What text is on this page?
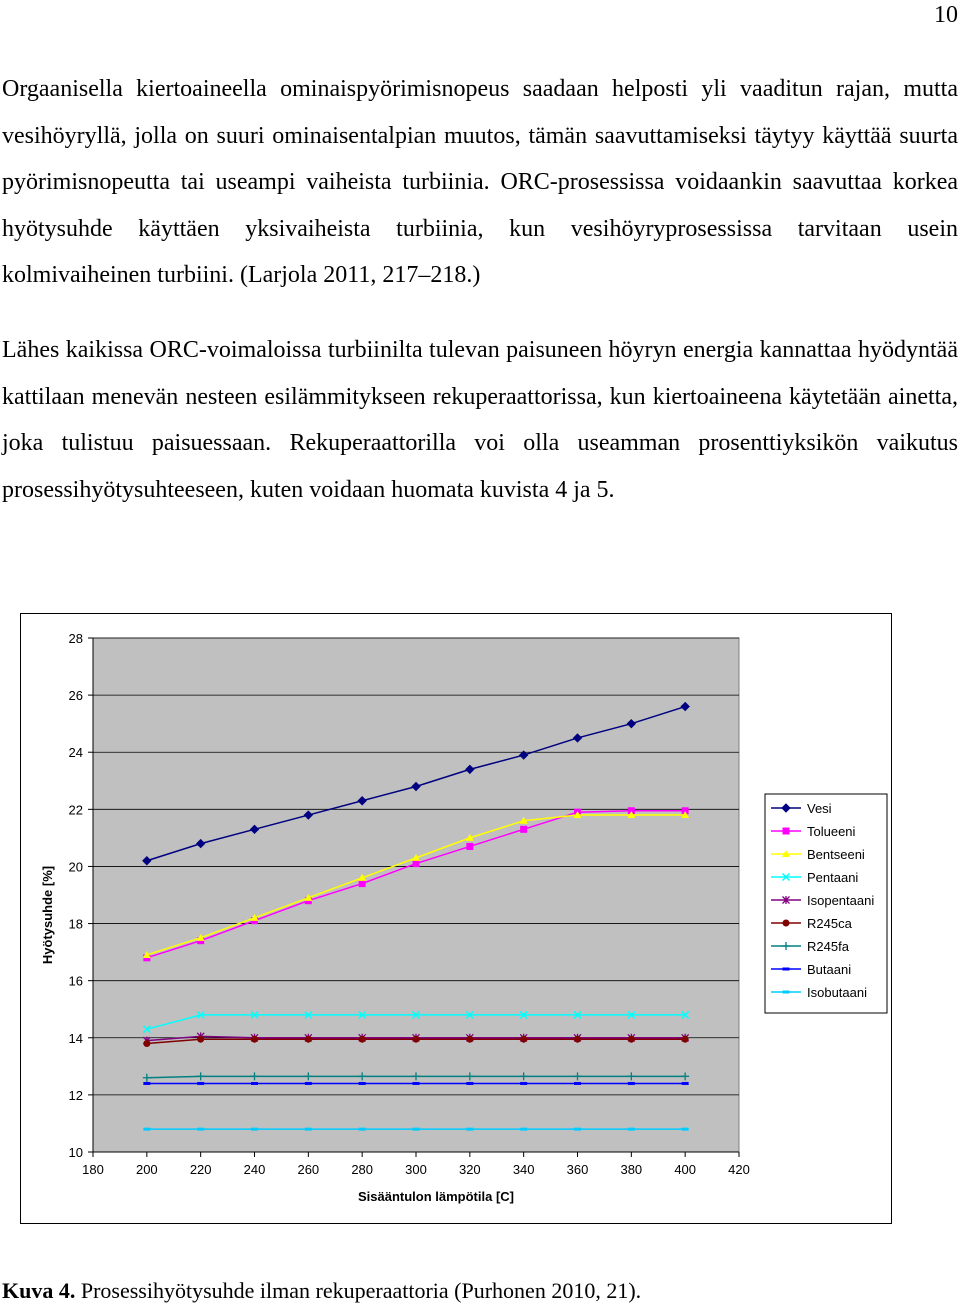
10

Orgaanisella kiertoaineella ominaispyörimisnopeus saadaan helposti yli vaaditun rajan, mutta vesihöyryllä, jolla on suuri ominaisentalpian muutos, tämän saavuttamiseksi täytyy käyttää suurta pyörimisnopeutta tai useampi vaiheista turbiinia. ORC-prosessissa voidaankin saavuttaa korkea hyötysuhde käyttäen yksivaiheista turbiinia, kun vesihöyryprosessissa tarvitaan usein kolmivaiheinen turbiini. (Larjola 2011, 217–218.)

Lähes kaikissa ORC-voimaloissa turbiinilta tulevan paisuneen höyryn energia kannattaa hyödyntää kattilaan menevän nesteen esilämmitykseen rekuperaattorissa, kun kiertoaineena käytetään ainetta, joka tulistuu paisuessaan. Rekuperaattorilla voi olla useamman prosenttiyksikön vaikutus prosessihyötysuhteeseen, kuten voidaan huomata kuvista 4 ja 5.

10
12
14
16
18
20
22
24
26
28
180 200 220 240 260 280 300 320 340 360 380 400 420
Sisääntulon lämpötila [C]
Hyötysuhde [%]
Vesi
Tolueeni
Bentseeni
Pentaani
Isopentaani
R245ca
R245fa
Butaani
Isobutaani
Kuva 4. Prosessihyötysuhde ilman rekuperaattoria (Purhonen 2010, 21).
